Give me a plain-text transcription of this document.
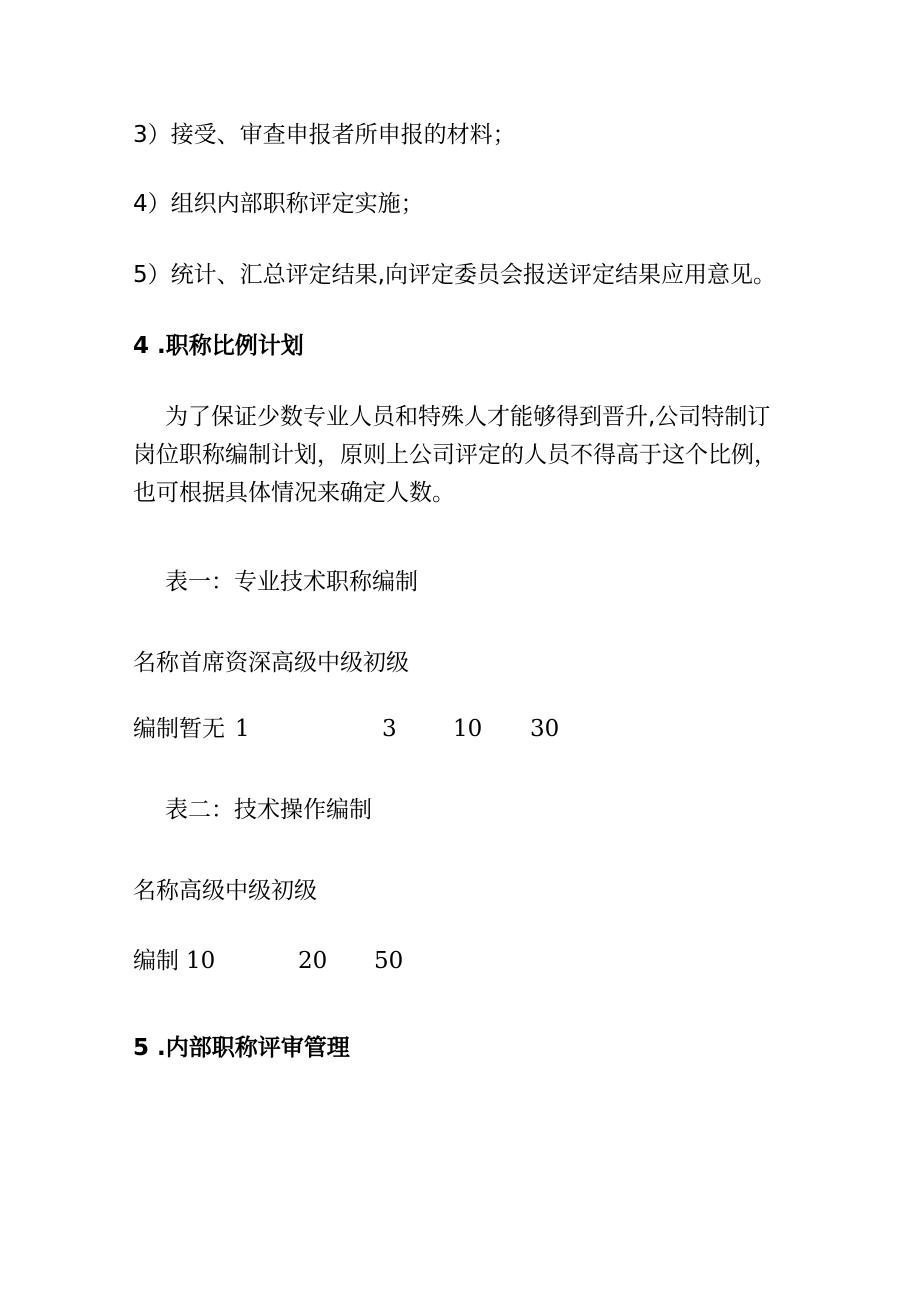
3）接受、审查申报者所申报的材料；
4）组织内部职称评定实施；
5）统计、汇总评定结果,向评定委员会报送评定结果应用意见。
4 .职称比例计划
为了保证少数专业人员和特殊人才能够得到晋升,公司特制订
岗位职称编制计划，原则上公司评定的人员不得高于这个比例，
也可根据具体情况来确定人数。
表一：专业技术职称编制
名称首席资深高级中级初级
编制暂无 1	3 10 30
表二：技术操作编制
名称高级中级初级
编制 10	20 50
5 .内部职称评审管理
